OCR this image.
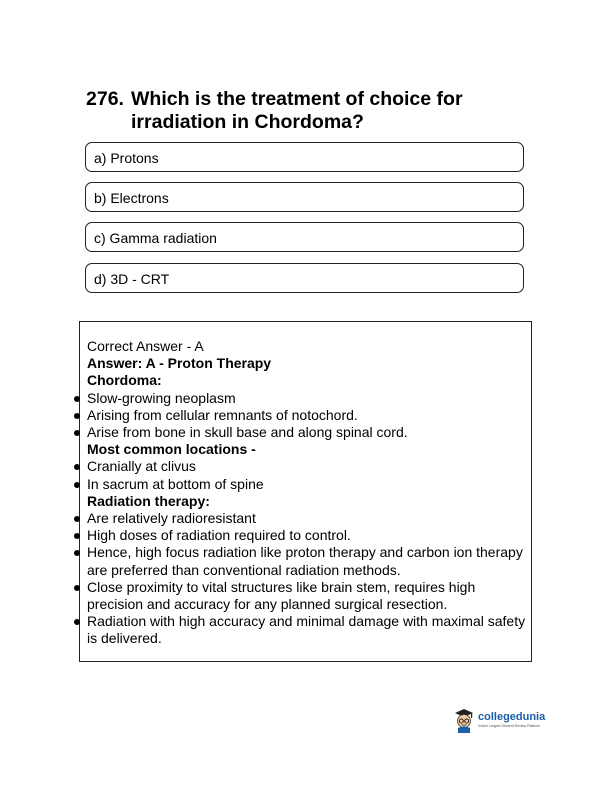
276. Which is the treatment of choice for
irradiation in Chordoma?
a) Protons
b) Electrons
c) Gamma radiation
d) 3D - CRT

Correct Answer - A

Answer: A - Proton Therapy

Chordoma:

Slow-growing neoplasm

Arising from cellular remnants of notochord.

Arise from bone in skull base and along spinal cord.

Most common locations -

Cranially at clivus

In sacrum at bottom of spine

Radiation therapy:

Are relatively radioresistant

High doses of radiation required to control.

Hence, high focus radiation like proton therapy and carbon ion therapy are preferred than conventional radiation methods.

Close proximity to vital structures like brain stem, requires high precision and accuracy for any planned surgical resection.

Radiation with high accuracy and minimal damage with maximal safety is delivered.

collegedunia
India's Largest Student Review Platform
